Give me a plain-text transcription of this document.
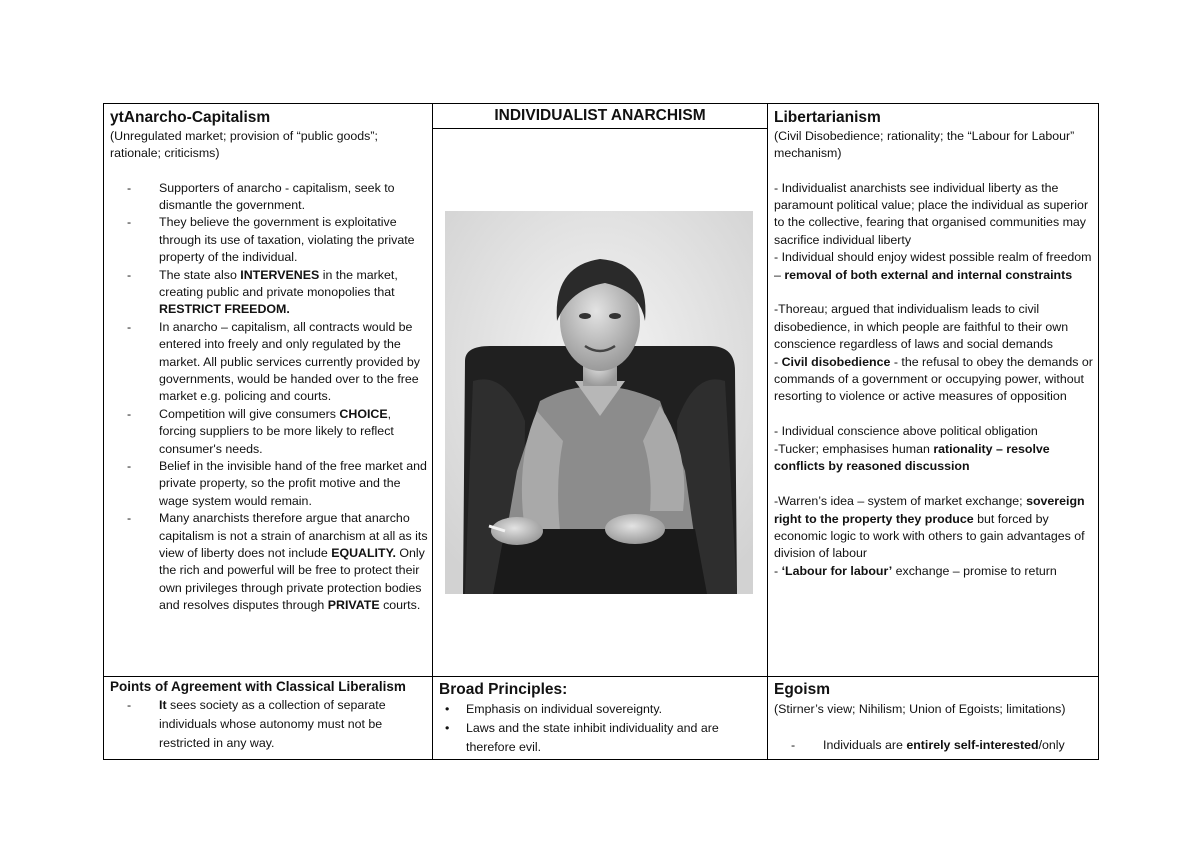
ytAnarcho-Capitalism
(Unregulated market; provision of “public goods”; rationale; criticisms)
- Supporters of anarcho - capitalism, seek to dismantle the government.
- They believe the government is exploitative through its use of taxation, violating the private property of the individual.
- The state also INTERVENES in the market, creating public and private monopolies that RESTRICT FREEDOM.
- In anarcho – capitalism, all contracts would be entered into freely and only regulated by the market. All public services currently provided by governments, would be handed over to the free market e.g. policing and courts.
- Competition will give consumers CHOICE, forcing suppliers to be more likely to reflect consumer's needs.
- Belief in the invisible hand of the free market and private property, so the profit motive and the wage system would remain.
- Many anarchists therefore argue that anarcho capitalism is not a strain of anarchism at all as its view of liberty does not include EQUALITY. Only the rich and powerful will be free to protect their own privileges through private protection bodies and resolves disputes through PRIVATE courts.
INDIVIDUALIST ANARCHISM	Libertarianism
(Civil Disobedience; rationality; the “Labour for Labour” mechanism)
- Individualist anarchists see individual liberty as the paramount political value; place the individual as superior to the collective, fearing that organised communities may sacrifice individual liberty
- Individual should enjoy widest possible realm of freedom – removal of both external and internal constraints
-Thoreau; argued that individualism leads to civil disobedience, in which people are faithful to their own conscience regardless of laws and social demands
- Civil disobedience - the refusal to obey the demands or commands of a government or occupying power, without resorting to violence or active measures of opposition
- Individual conscience above political obligation
-Tucker; emphasises human rationality – resolve conflicts by reasoned discussion
-Warren’s idea – system of market exchange; sovereign right to the property they produce but forced by economic logic to work with others to gain advantages of division of labour
- ‘Labour for labour’ exchange – promise to return
Points of Agreement with Classical Liberalism
- It sees society as a collection of separate individuals whose autonomy must not be restricted in any way.
Broad Principles:
• Emphasis on individual sovereignty.
• Laws and the state inhibit individuality and are therefore evil.
Egoism
(Stirner’s view; Nihilism; Union of Egoists; limitations)
- Individuals are entirely self-interested/only
